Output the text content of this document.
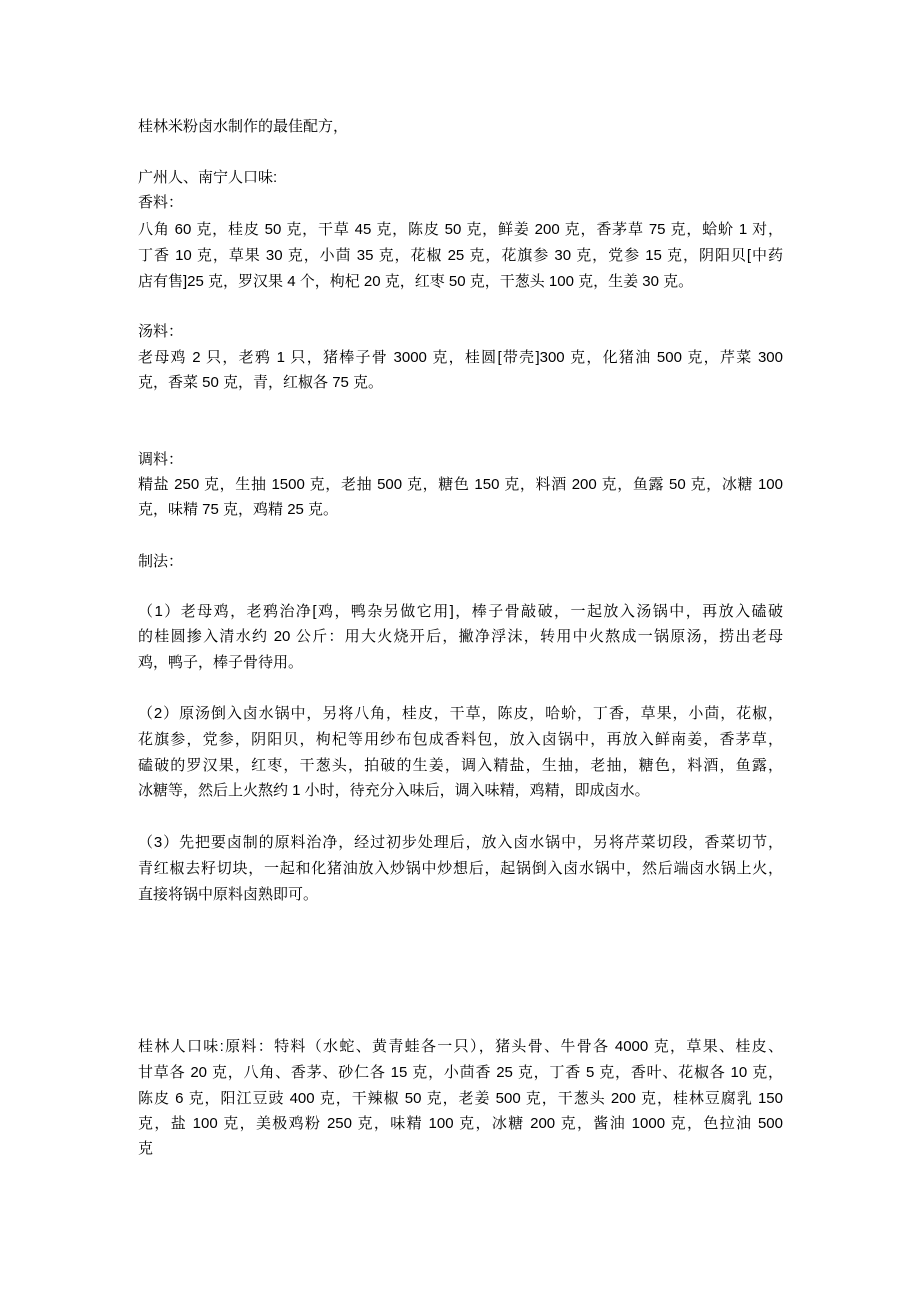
桂林米粉卤水制作的最佳配方，
广州人、南宁人口味:
香料：
八角 60 克，桂皮 50 克，干草 45 克，陈皮 50 克，鲜姜 200 克，香茅草 75 克，蛤蚧 1 对，
丁香 10 克，草果 30 克，小茴 35 克，花椒 25 克，花旗参 30 克，党参 15 克，阴阳贝[中药
店有售]25 克，罗汉果 4 个，枸杞 20 克，红枣 50 克，干葱头 100 克，生姜 30 克。
汤料：
老母鸡 2 只，老鸦 1 只，猪棒子骨 3000 克，桂圆[带壳]300 克，化猪油 500 克，芹菜 300
克，香菜 50 克，青，红椒各 75 克。
调料：
精盐 250 克，生抽 1500 克，老抽 500 克，糖色 150 克，料酒 200 克，鱼露 50 克，冰糖 100
克，味精 75 克，鸡精 25 克。
制法：
（1）老母鸡，老鸦治净[鸡，鸭杂另做它用]，棒子骨敲破，一起放入汤锅中，再放入磕破
的桂圆掺入清水约 20 公斤：用大火烧开后，撇净浮沫，转用中火熬成一锅原汤，捞出老母
鸡，鸭子，棒子骨待用。
（2）原汤倒入卤水锅中，另将八角，桂皮，干草，陈皮，哈蚧，丁香，草果，小茴，花椒，
花旗参，党参，阴阳贝，枸杞等用纱布包成香料包，放入卤锅中，再放入鲜南姜，香茅草，
磕破的罗汉果，红枣，干葱头，拍破的生姜，调入精盐，生抽，老抽，糖色，料酒，鱼露，
冰糖等，然后上火熬约 1 小时，待充分入味后，调入味精，鸡精，即成卤水。
（3）先把要卤制的原料治净，经过初步处理后，放入卤水锅中，另将芹菜切段，香菜切节，
青红椒去籽切块，一起和化猪油放入炒锅中炒想后，起锅倒入卤水锅中，然后端卤水锅上火，
直接将锅中原料卤熟即可。
桂林人口味:原料：特料（水蛇、黄青蛙各一只），猪头骨、牛骨各 4000 克，草果、桂皮、
甘草各 20 克，八角、香茅、砂仁各 15 克，小茴香 25 克，丁香 5 克，香叶、花椒各 10 克，
陈皮 6 克，阳江豆豉 400 克，干辣椒 50 克，老姜 500 克，干葱头 200 克，桂林豆腐乳 150
克，盐 100 克，美极鸡粉 250 克，味精 100 克，冰糖 200 克，酱油 1000 克，色拉油 500
克
